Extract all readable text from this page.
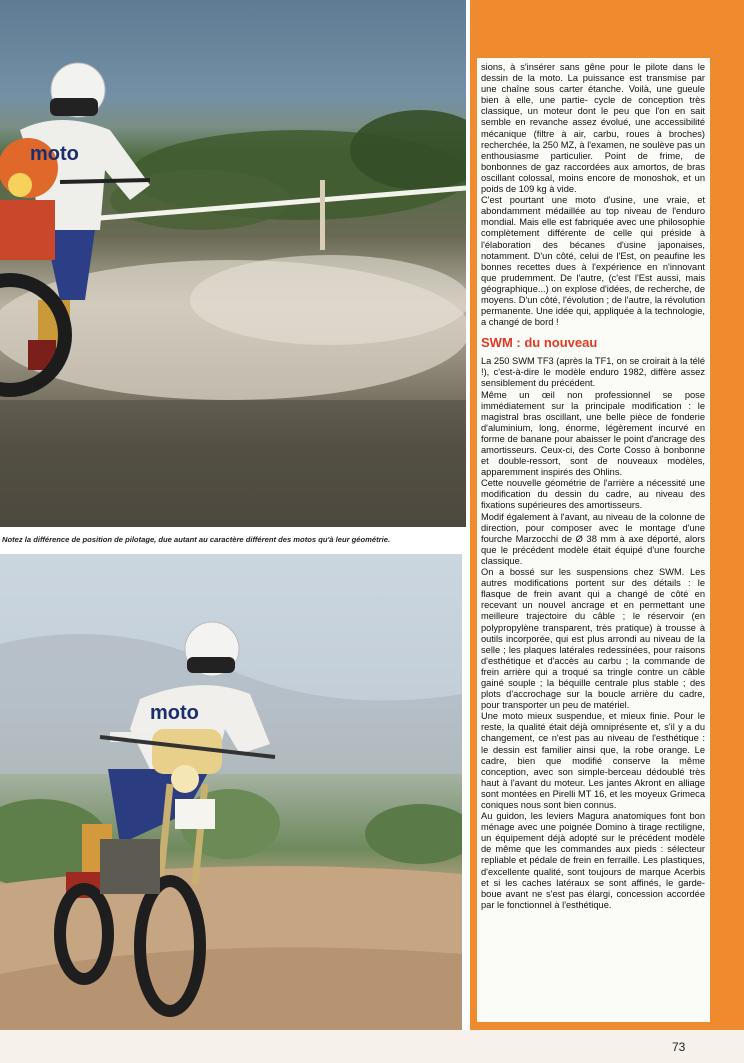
moto
Notez la différence de position de pilotage, due autant au caractère différent des motos qu'à leur géométrie.
moto

sions, à s'insérer sans gêne pour le pilote dans le dessin de la moto. La puissance est transmise par une chaîne sous carter étanche. Voilà, une gueule bien à elle, une partie- cycle de conception très classique, un moteur dont le peu que l'on en sait semble en revanche assez évolué, une accessibilité mécanique (filtre à air, carbu, roues à broches) recherchée, la 250 MZ, à l'examen, ne soulève pas un enthousiasme particulier. Point de frime, de bonbonnes de gaz raccordées aux amortos, de bras oscillant colossal, moins encore de monoshok, et un poids de 109 kg à vide.

C'est pourtant une moto d'usine, une vraie, et abondamment médaillée au top niveau de l'enduro mondial. Mais elle est fabriquée avec une philosophie complètement différente de celle qui préside à l'élaboration des bécanes d'usine japonaises, notamment. D'un côté, celui de l'Est, on peaufine les bonnes recettes dues à l'expérience en n'innovant que prudemment. De l'autre, (c'est l'Est aussi, mais géographique...) on explose d'idées, de recherche, de moyens. D'un côté, l'évolution ; de l'autre, la révolution permanente. Une idée qui, appliquée à la technologie, a changé de bord !

SWM : du nouveau

La 250 SWM TF3 (après la TF1, on se croirait à la télé !), c'est-à-dire le modèle enduro 1982, diffère assez sensiblement du précédent.

Même un œil non professionnel se pose immédiatement sur la principale modification : le magistral bras oscillant, une belle pièce de fonderie d'aluminium, long, énorme, légèrement incurvé en forme de banane pour abaisser le point d'ancrage des amortisseurs. Ceux-ci, des Corte Cosso à bonbonne et double-ressort, sont de nouveaux modèles, apparemment inspirés des Ohlins.

Cette nouvelle géométrie de l'arrière a nécessité une modification du dessin du cadre, au niveau des fixations supérieures des amortisseurs.

Modif également à l'avant, au niveau de la colonne de direction, pour composer avec le montage d'une fourche Marzocchi de Ø 38 mm à axe déporté, alors que le précédent modèle était équipé d'une fourche classique.

On a bossé sur les suspensions chez SWM. Les autres modifications portent sur des détails : le flasque de frein avant qui a changé de côté en recevant un nouvel ancrage et en permettant une meilleure trajectoire du câble ; le réservoir (en polypropylène transparent, très pratique) à trousse à outils incorporée, qui est plus arrondi au niveau de la selle ; les plaques latérales redessinées, pour raisons d'esthétique et d'accès au carbu ; la commande de frein arrière qui a troqué sa tringle contre un câble gainé souple ; la béquille centrale plus stable ; des plots d'accrochage sur la boucle arrière du cadre, pour transporter un peu de matériel.

Une moto mieux suspendue, et mieux finie. Pour le reste, la qualité était déjà omniprésente et, s'il y a du changement, ce n'est pas au niveau de l'esthétique : le dessin est familier ainsi que, la robe orange. Le cadre, bien que modifié conserve la même conception, avec son simple-berceau dédoublé très haut à l'avant du moteur. Les jantes Akront en alliage sont montées en Pirelli MT 16, et les moyeux Grimeca coniques nous sont bien connus.

Au guidon, les leviers Magura anatomiques font bon ménage avec une poignée Domino à tirage rectiligne, un équipement déjà adopté sur le précédent modèle de même que les commandes aux pieds : sélecteur repliable et pédale de frein en ferraille. Les plastiques, d'excellente qualité, sont toujours de marque Acerbis et si les caches latéraux se sont affinés, le garde-boue avant ne s'est pas élargi, concession accordée par le fonctionnel à l'esthétique.

73
